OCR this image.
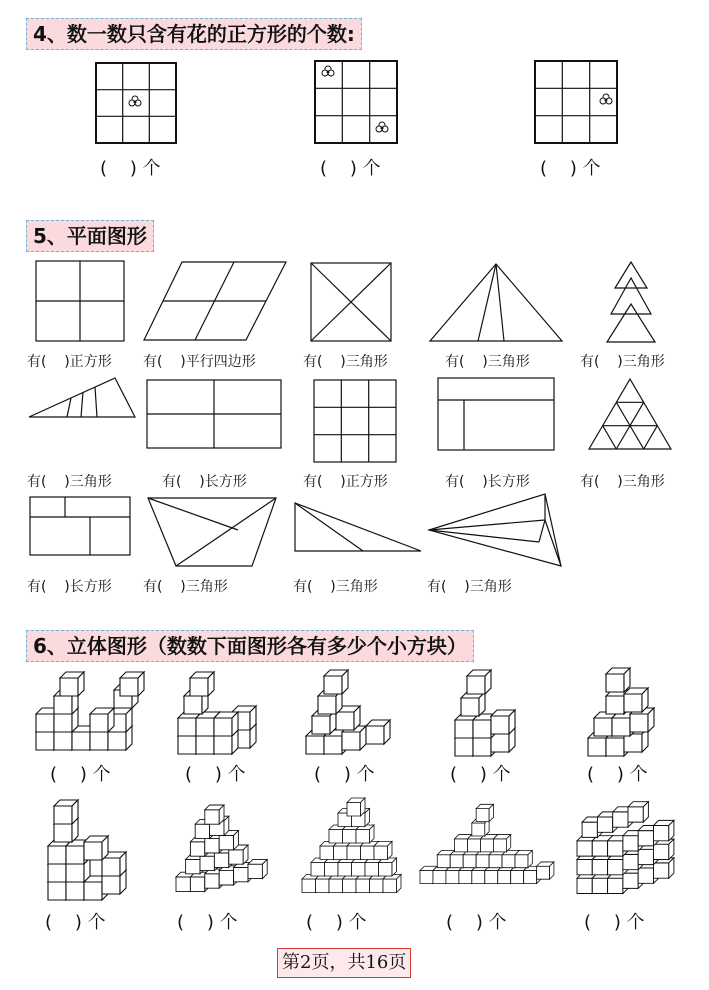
4、数一数只含有花的正方形的个数:
(    ) 个	(    ) 个	(    ) 个
5、平面图形
有(    )正方形 有(    )平行四边形	有(    )三角形	有(    )三角形	有(    )三角形
有(    )三角形	有(    )长方形	有(    )正方形	有(    )长方形	有(    )三角形
有(    )长方形 有(    )三角形	有(    )三角形	有(    )三角形
6、立体图形（数数下面图形各有多少个小方块）
(    ) 个	(    ) 个	(    ) 个	(    ) 个	(    ) 个
(    ) 个	(    ) 个	(    ) 个	(    ) 个	(    ) 个
第2页，共16页
